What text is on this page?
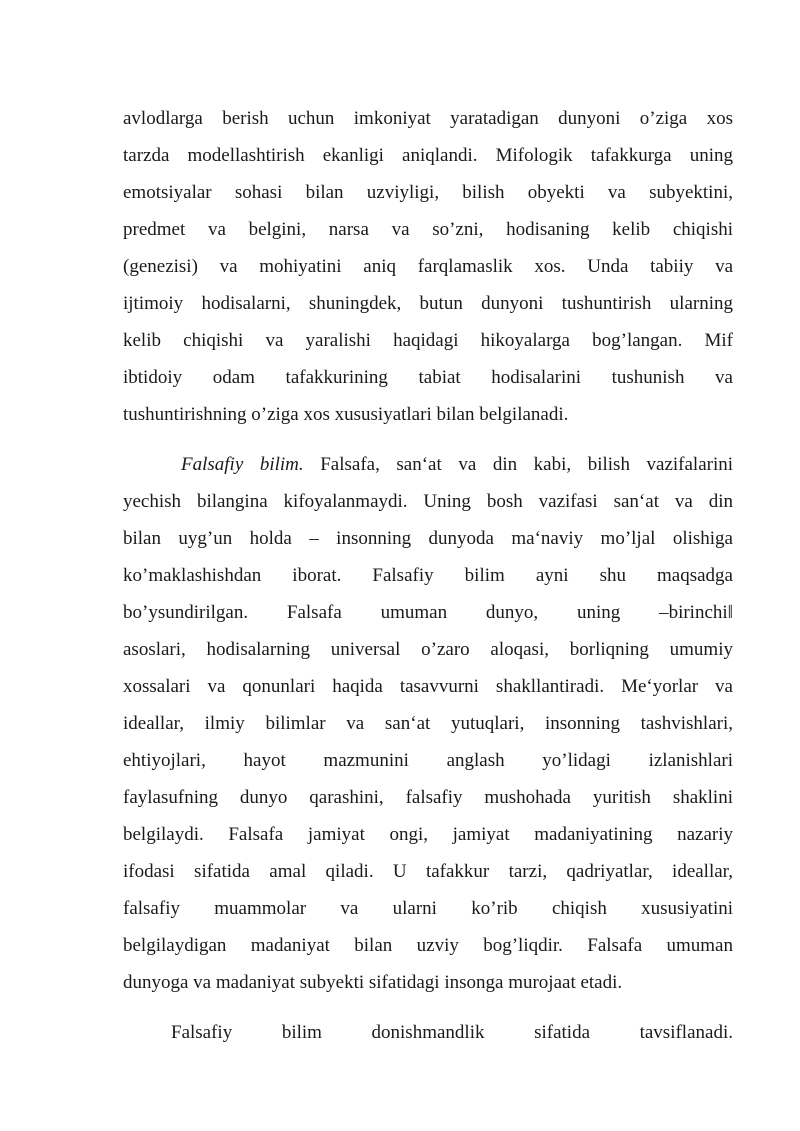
avlodlarga berish uchun imkoniyat yaratadigan dunyoni o’ziga xos
tarzda modellashtirish ekanligi aniqlandi. Mifologik tafakkurga uning
emotsiyalar sohasi bilan uzviyligi, bilish obyekti va subyektini,
predmet va belgini, narsa va so’zni, hodisaning kelib chiqishi
(genezisi) va mohiyatini aniq farqlamaslik xos. Unda tabiiy va
ijtimoiy hodisalarni, shuningdek, butun dunyoni tushuntirish ularning
kelib chiqishi va yaralishi haqidagi hikoyalarga bog’langan. Mif
ibtidoiy odam tafakkurining tabiat hodisalarini tushunish va
tushuntirishning o’ziga xos xususiyatlari bilan belgilanadi.
Falsafiy bilim. Falsafa, san‘at va din kabi, bilish vazifalarini
yechish bilangina kifoyalanmaydi. Uning bosh vazifasi san‘at va din
bilan uyg’un holda – insonning dunyoda ma‘naviy mo’ljal olishiga
ko’maklashishdan iborat. Falsafiy bilim ayni shu maqsadga
bo’ysundirilgan. Falsafa umuman dunyo, uning –birinchi‖
asoslari, hodisalarning universal o’zaro aloqasi, borliqning umumiy
xossalari va qonunlari haqida tasavvurni shakllantiradi. Me‘yorlar va
ideallar, ilmiy bilimlar va san‘at yutuqlari, insonning tashvishlari,
ehtiyojlari, hayot mazmunini anglash yo’lidagi izlanishlari
faylasufning dunyo qarashini, falsafiy mushohada yuritish shaklini
belgilaydi. Falsafa jamiyat ongi, jamiyat madaniyatining nazariy
ifodasi sifatida amal qiladi. U tafakkur tarzi, qadriyatlar, ideallar,
falsafiy muammolar va ularni ko’rib chiqish xususiyatini
belgilaydigan madaniyat bilan uzviy bog’liqdir. Falsafa umuman
dunyoga va madaniyat subyekti sifatidagi insonga murojaat etadi.
Falsafiy bilim donishmandlik sifatida tavsiflanadi.
